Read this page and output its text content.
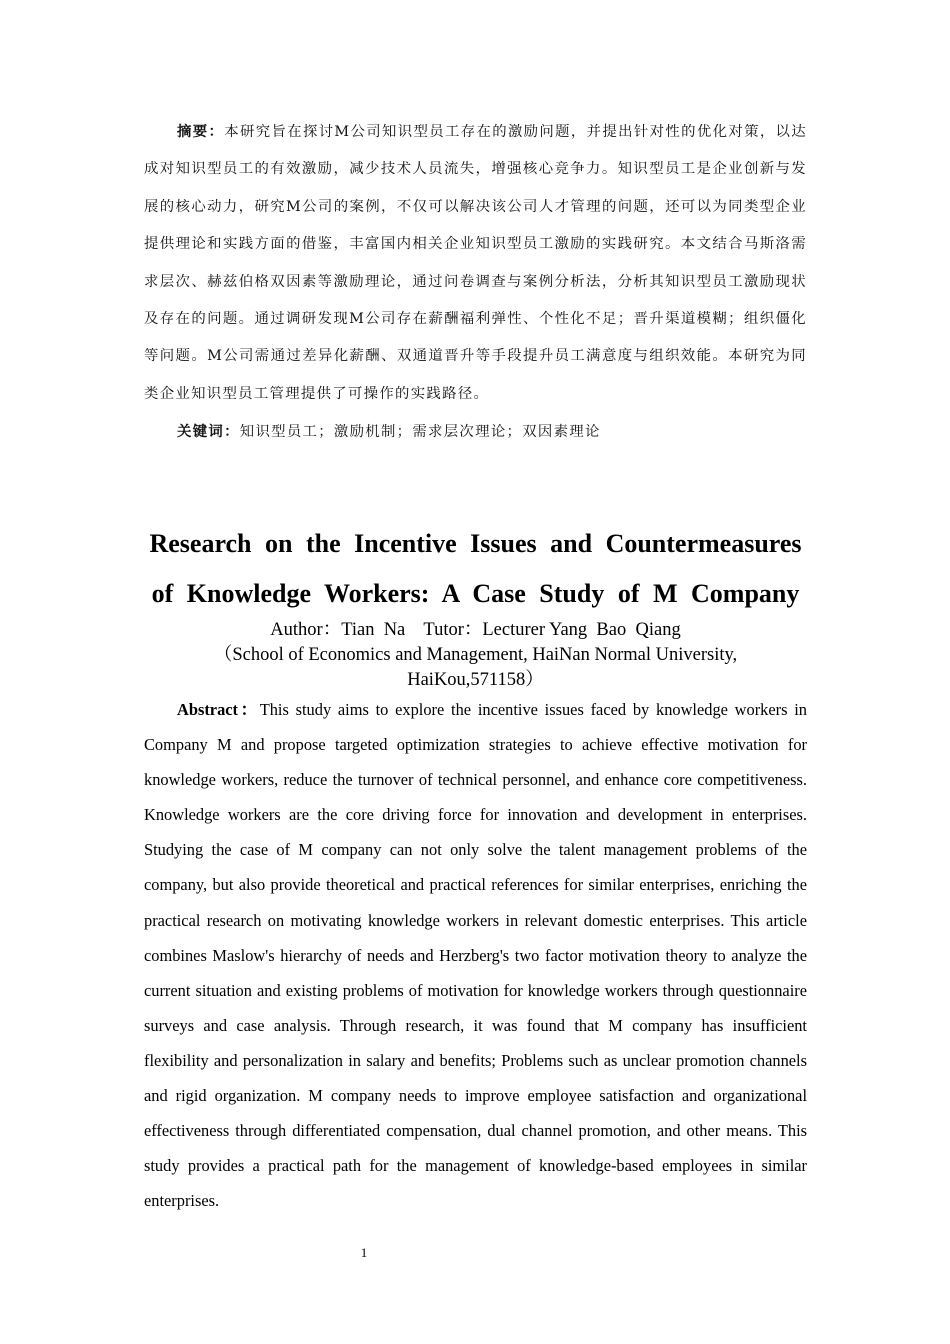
摘要：本研究旨在探讨M公司知识型员工存在的激励问题，并提出针对性的优化对策，以达成对知识型员工的有效激励，减少技术人员流失，增强核心竞争力。知识型员工是企业创新与发展的核心动力，研究M公司的案例，不仅可以解决该公司人才管理的问题，还可以为同类型企业提供理论和实践方面的借鉴，丰富国内相关企业知识型员工激励的实践研究。本文结合马斯洛需求层次、赫兹伯格双因素等激励理论，通过问卷调查与案例分析法，分析其知识型员工激励现状及存在的问题。通过调研发现M公司存在薪酬福利弹性、个性化不足；晋升渠道模糊；组织僵化等问题。M公司需通过差异化薪酬、双通道晋升等手段提升员工满意度与组织效能。本研究为同类企业知识型员工管理提供了可操作的实践路径。

关键词：知识型员工；激励机制；需求层次理论；双因素理论

Research on the Incentive Issues and Countermeasures
of Knowledge Workers: A Case Study of M Company
Author：Tian  Na    Tutor：Lecturer Yang  Bao  Qiang
（School of Economics and Management, HaiNan Normal University,
HaiKou,571158）

Abstract：This study aims to explore the incentive issues faced by knowledge workers in Company M and propose targeted optimization strategies to achieve effective motivation for knowledge workers, reduce the turnover of technical personnel, and enhance core competitiveness. Knowledge workers are the core driving force for innovation and development in enterprises. Studying the case of M company can not only solve the talent management problems of the company, but also provide theoretical and practical references for similar enterprises, enriching the practical research on motivating knowledge workers in relevant domestic enterprises. This article combines Maslow's hierarchy of needs and Herzberg's two factor motivation theory to analyze the current situation and existing problems of motivation for knowledge workers through questionnaire surveys and case analysis. Through research, it was found that M company has insufficient flexibility and personalization in salary and benefits; Problems such as unclear promotion channels and rigid organization. M company needs to improve employee satisfaction and organizational effectiveness through differentiated compensation, dual channel promotion, and other means. This study provides a practical path for the management of knowledge-based employees in similar enterprises.

1
